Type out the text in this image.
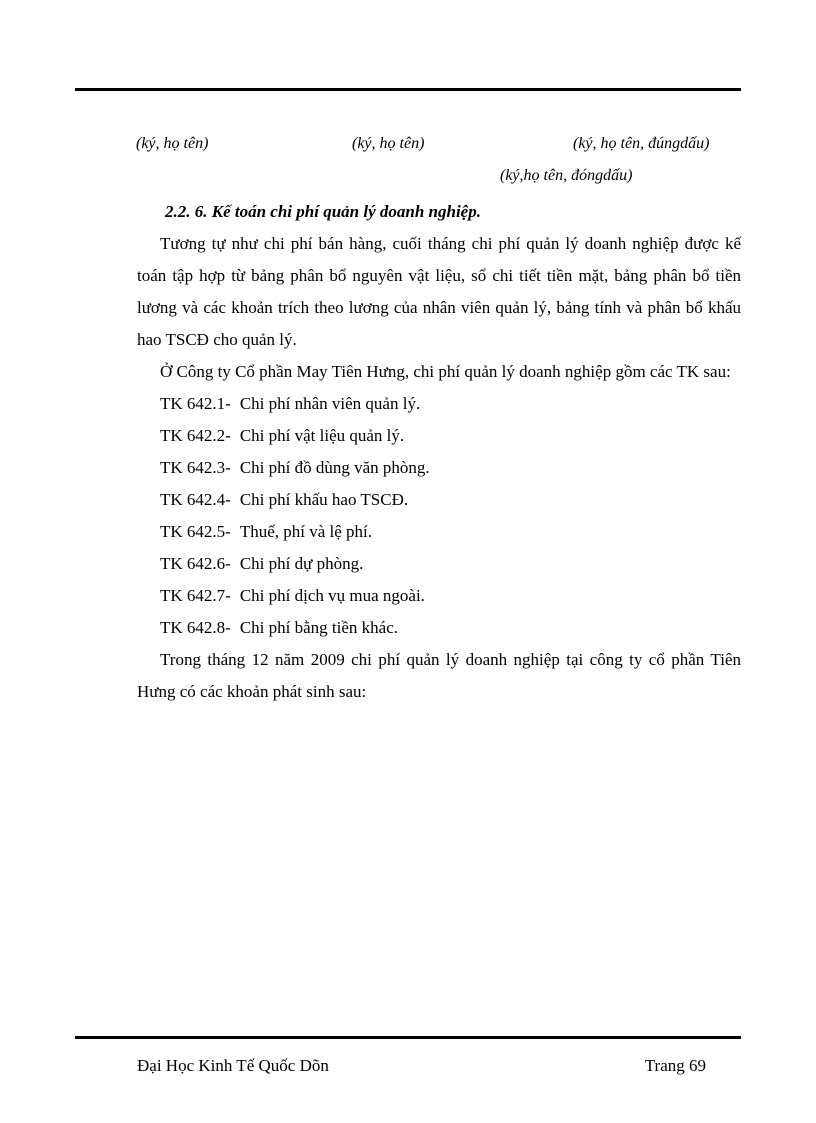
(ký, họ tên)	(ký, họ tên)	(ký, họ tên, đúngdấu)
(ký,họ tên, đóngdấu)
2.2. 6. Kế toán chi phí quản lý doanh nghiệp.

Tương tự như chi phí bán hàng, cuối tháng chi phí quản lý doanh nghiệp được kế toán tập hợp từ bảng phân bổ nguyên vật liệu, sổ chi tiết tiền mặt, bảng phân bổ tiền lương và các khoản trích theo lương của nhân viên quản lý, bảng tính và phân bổ khấu hao TSCĐ cho quản lý.

Ở Công ty Cổ phần May Tiên Hưng, chi phí quản lý doanh nghiệp gồm các TK sau:

TK 642.1- Chi phí nhân viên quản lý.
TK 642.2- Chi phí vật liệu quản lý.
TK 642.3- Chi phí đồ dùng văn phòng.
TK 642.4- Chi phí khấu hao TSCĐ.
TK 642.5- Thuế, phí và lệ phí.
TK 642.6- Chi phí dự phòng.
TK 642.7- Chi phí dịch vụ mua ngoài.
TK 642.8- Chi phí bằng tiền khác.

Trong tháng 12 năm 2009 chi phí quản lý doanh nghiệp tại công ty cổ phần Tiên Hưng có các khoản phát sinh sau:

Đại Học Kinh Tế Quốc Dõn	Trang 69
